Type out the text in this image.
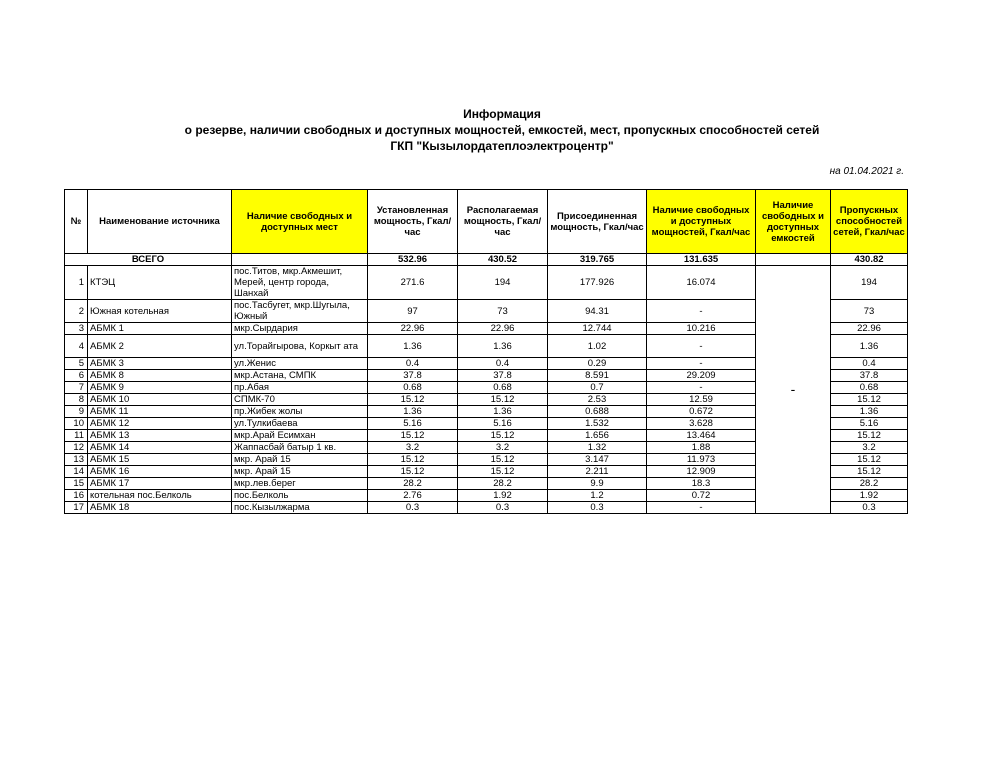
Информация
о резерве, наличии свободных и доступных мощностей, емкостей, мест, пропускных способностей сетей
ГКП "Кызылордатеплоэлектроцентр"
на 01.04.2021 г.
№	Наименование источника	Наличие свободных и доступных мест	Установленная мощность, Гкал/час	Располагаемая мощность, Гкал/час	Присоединенная мощность, Гкал/час	Наличие свободных и доступных мощностей, Гкал/час	Наличие свободных и доступных емкостей	Пропускных способностей сетей, Гкал/час
ВСЕГО			532.96	430.52	319.765	131.635		430.82
1	КТЭЦ	пос.Титов, мкр.Акмешит, Мерей, центр города, Шанхай	271.6	194	177.926	16.074	-	194
2	Южная котельная	пос.Тасбугет, мкр.Шугыла, Южный	97	73	94.31	-		73
3	АБМК 1	мкр.Сырдария	22.96	22.96	12.744	10.216		22.96
4	АБМК 2	ул.Торайгырова, Коркыт ата	1.36	1.36	1.02	-		1.36
5	АБМК 3	ул.Женис	0.4	0.4	0.29	-		0.4
6	АБМК 8	мкр.Астана, СМПК	37.8	37.8	8.591	29.209		37.8
7	АБМК 9	пр.Абая	0.68	0.68	0.7	-		0.68
8	АБМК 10	СПМК-70	15.12	15.12	2.53	12.59		15.12
9	АБМК 11	пр.Жибек жолы	1.36	1.36	0.688	0.672		1.36
10	АБМК 12	ул.Тулкибаева	5.16	5.16	1.532	3.628		5.16
11	АБМК 13	мкр.Арай Есимхан	15.12	15.12	1.656	13.464		15.12
12	АБМК 14	Жаппасбай батыр 1 кв.	3.2	3.2	1.32	1.88		3.2
13	АБМК 15	мкр. Арай 15	15.12	15.12	3.147	11.973		15.12
14	АБМК 16	мкр. Арай 15	15.12	15.12	2.211	12.909		15.12
15	АБМК 17	мкр.лев.берег	28.2	28.2	9.9	18.3		28.2
16	котельная пос.Белколь	пос.Белколь	2.76	1.92	1.2	0.72		1.92
17	АБМК 18	пос.Кызылжарма	0.3	0.3	0.3	-		0.3
